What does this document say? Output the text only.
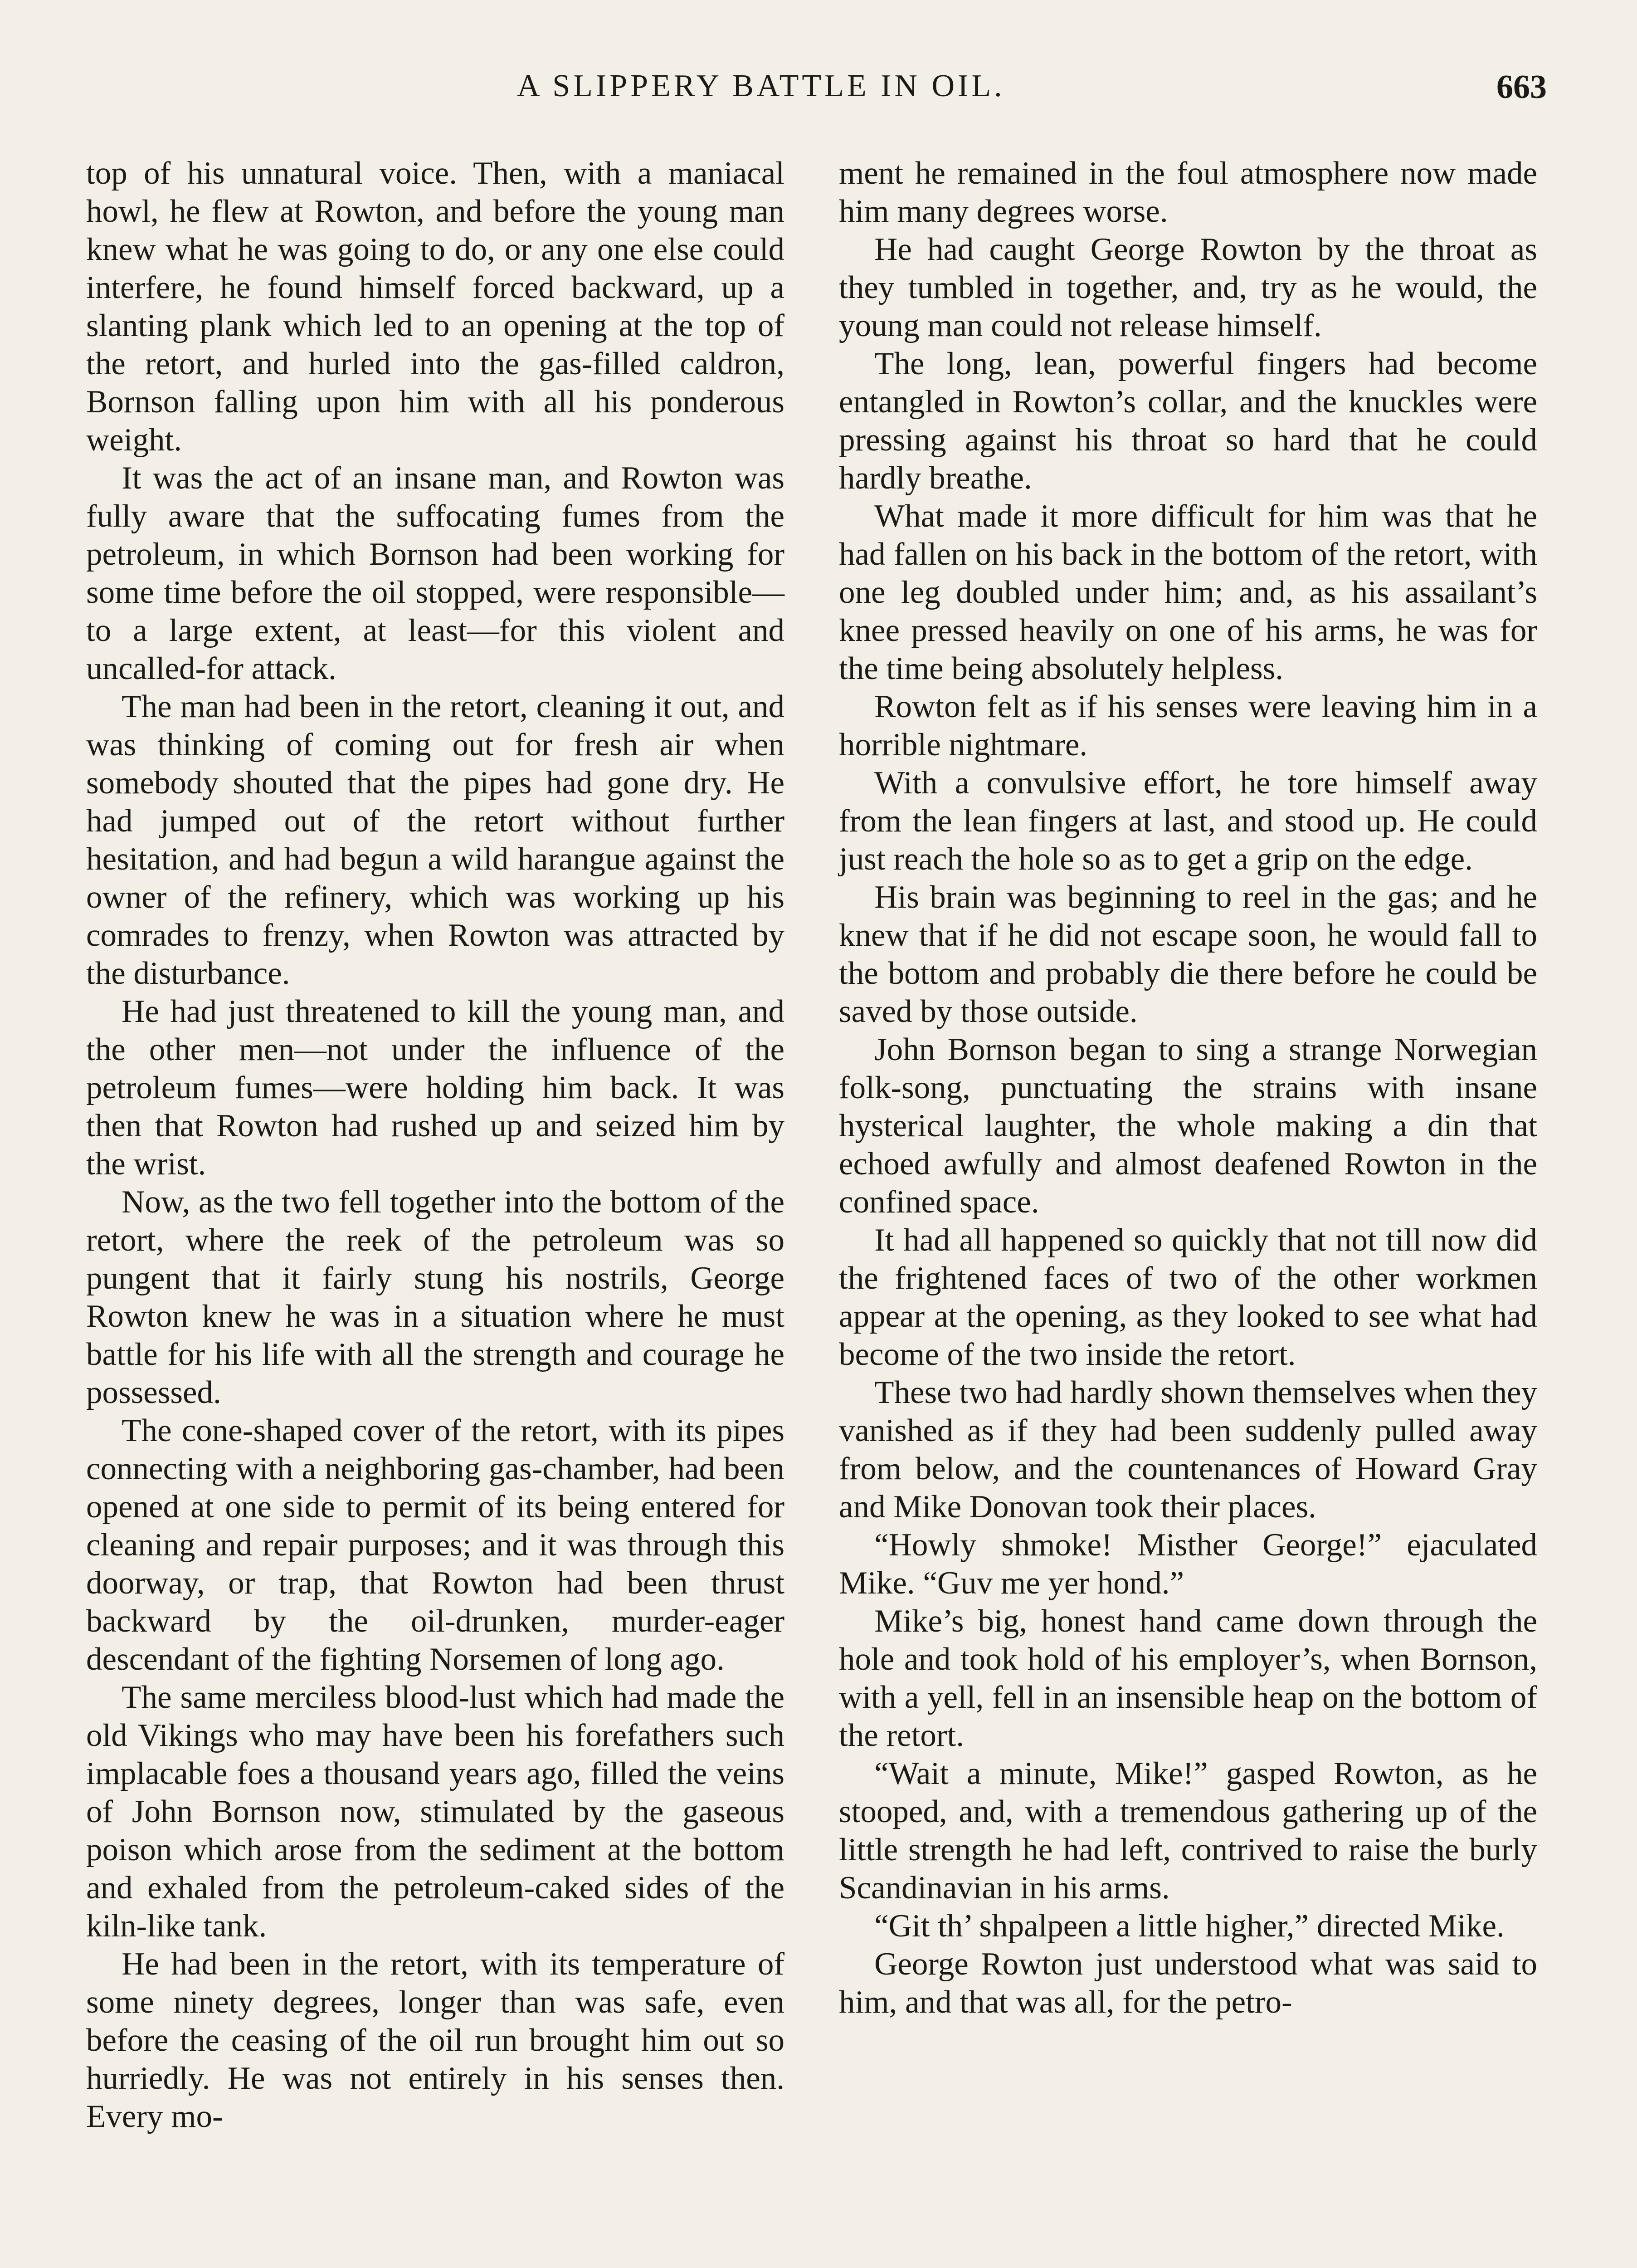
A SLIPPERY BATTLE IN OIL.	663

top of his unnatural voice. Then, with a maniacal howl, he flew at Rowton, and before the young man knew what he was going to do, or any one else could interfere, he found himself forced backward, up a slanting plank which led to an opening at the top of the retort, and hurled into the gas-filled caldron, Bornson falling upon him with all his ponderous weight.

It was the act of an insane man, and Rowton was fully aware that the suffocating fumes from the petroleum, in which Bornson had been working for some time before the oil stopped, were responsible—to a large extent, at least—for this violent and uncalled-for attack.

The man had been in the retort, cleaning it out, and was thinking of coming out for fresh air when somebody shouted that the pipes had gone dry. He had jumped out of the retort without further hesitation, and had begun a wild harangue against the owner of the refinery, which was working up his comrades to frenzy, when Rowton was attracted by the disturbance.

He had just threatened to kill the young man, and the other men—not under the influence of the petroleum fumes—were holding him back. It was then that Rowton had rushed up and seized him by the wrist.

Now, as the two fell together into the bottom of the retort, where the reek of the petroleum was so pungent that it fairly stung his nostrils, George Rowton knew he was in a situation where he must battle for his life with all the strength and courage he possessed.

The cone-shaped cover of the retort, with its pipes connecting with a neighboring gas-chamber, had been opened at one side to permit of its being entered for cleaning and repair purposes; and it was through this doorway, or trap, that Rowton had been thrust backward by the oil-drunken, murder-eager descendant of the fighting Norsemen of long ago.

The same merciless blood-lust which had made the old Vikings who may have been his forefathers such implacable foes a thousand years ago, filled the veins of John Bornson now, stimulated by the gaseous poison which arose from the sediment at the bottom and exhaled from the petroleum-caked sides of the kiln-like tank.

He had been in the retort, with its temperature of some ninety degrees, longer than was safe, even before the ceasing of the oil run brought him out so hurriedly. He was not entirely in his senses then. Every mo-

ment he remained in the foul atmosphere now made him many degrees worse.

He had caught George Rowton by the throat as they tumbled in together, and, try as he would, the young man could not release himself.

The long, lean, powerful fingers had become entangled in Rowton’s collar, and the knuckles were pressing against his throat so hard that he could hardly breathe.

What made it more difficult for him was that he had fallen on his back in the bottom of the retort, with one leg doubled under him; and, as his assailant’s knee pressed heavily on one of his arms, he was for the time being absolutely helpless.

Rowton felt as if his senses were leaving him in a horrible nightmare.

With a convulsive effort, he tore himself away from the lean fingers at last, and stood up. He could just reach the hole so as to get a grip on the edge.

His brain was beginning to reel in the gas; and he knew that if he did not escape soon, he would fall to the bottom and probably die there before he could be saved by those outside.

John Bornson began to sing a strange Norwegian folk-song, punctuating the strains with insane hysterical laughter, the whole making a din that echoed awfully and almost deafened Rowton in the confined space.

It had all happened so quickly that not till now did the frightened faces of two of the other workmen appear at the opening, as they looked to see what had become of the two inside the retort.

These two had hardly shown themselves when they vanished as if they had been suddenly pulled away from below, and the countenances of Howard Gray and Mike Donovan took their places.

“Howly shmoke! Misther George!” ejaculated Mike. “Guv me yer hond.”

Mike’s big, honest hand came down through the hole and took hold of his employer’s, when Bornson, with a yell, fell in an insensible heap on the bottom of the retort.

“Wait a minute, Mike!” gasped Rowton, as he stooped, and, with a tremendous gathering up of the little strength he had left, contrived to raise the burly Scandinavian in his arms.

“Git th’ shpalpeen a little higher,” directed Mike.

George Rowton just understood what was said to him, and that was all, for the petro-
